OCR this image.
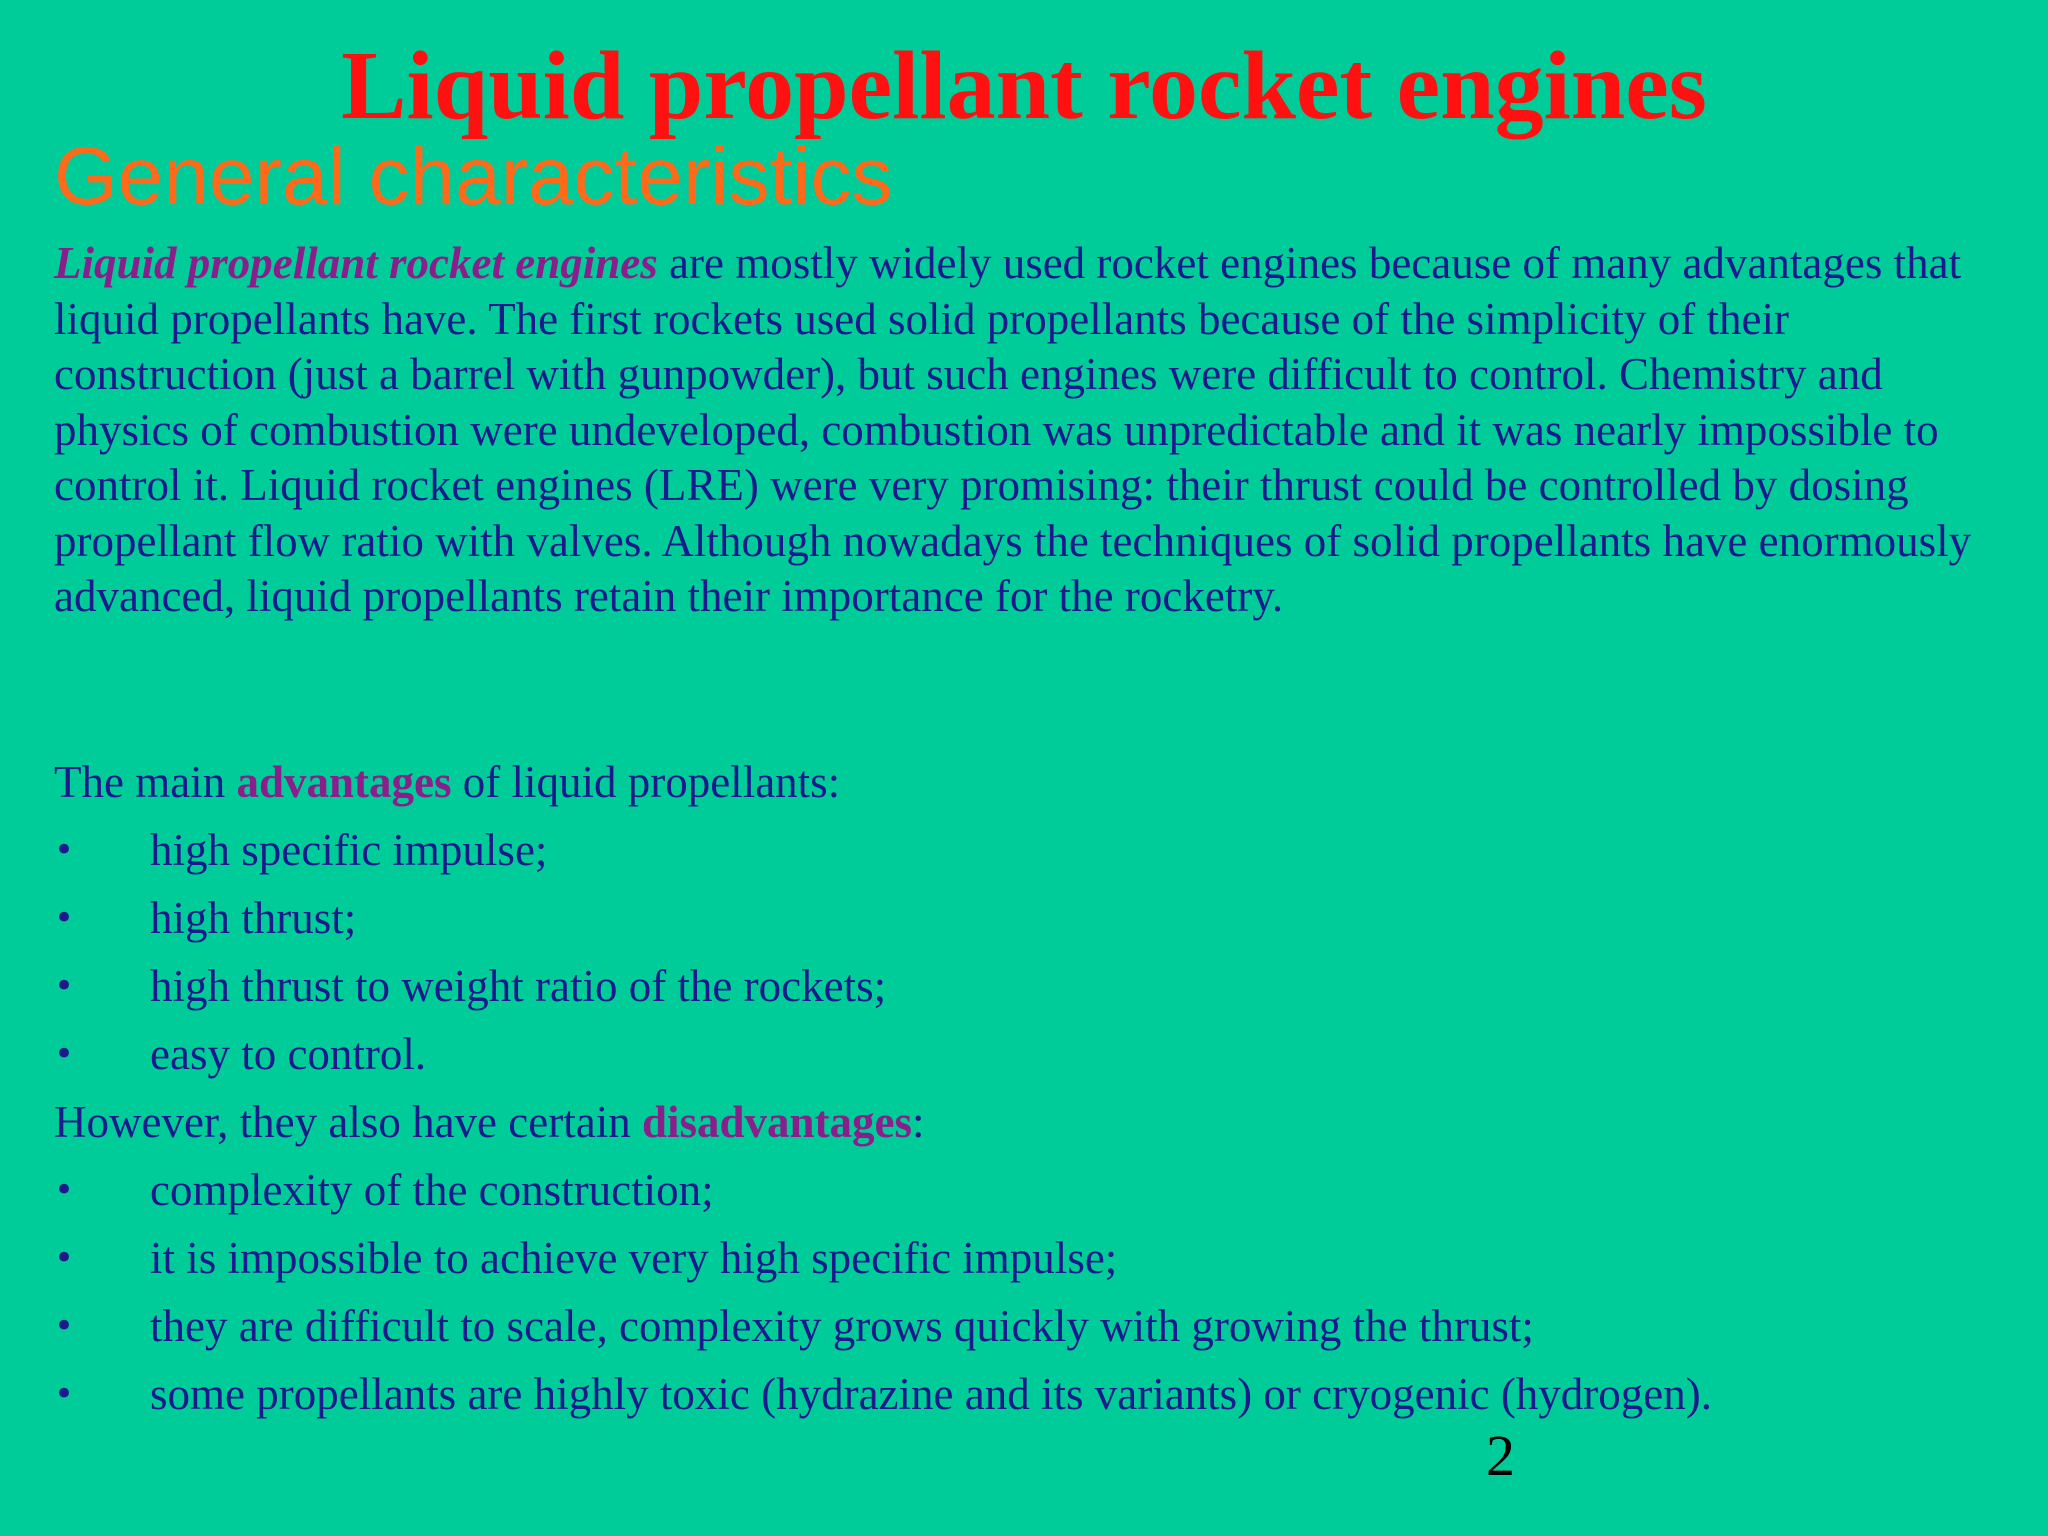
Liquid propellant rocket engines
General characteristics

Liquid propellant rocket engines are mostly widely used rocket engines because of many advantages that liquid propellants have. The first rockets used solid propellants because of the simplicity of their construction (just a barrel with gunpowder), but such engines were difficult to control. Chemistry and physics of combustion were undeveloped, combustion was unpredictable and it was nearly impossible to control it. Liquid rocket engines (LRE) were very promising: their thrust could be controlled by dosing propellant flow ratio with valves. Although nowadays the techniques of solid propellants have enormously advanced, liquid propellants retain their importance for the rocketry.

The main advantages of liquid propellants:

• high specific impulse;
• high thrust;
• high thrust to weight ratio of the rockets;
• easy to control.

However, they also have certain disadvantages:

• complexity of the construction;
• it is impossible to achieve very high specific impulse;
• they are difficult to scale, complexity grows quickly with growing the thrust;
• some propellants are highly toxic (hydrazine and its variants) or cryogenic (hydrogen).
2
